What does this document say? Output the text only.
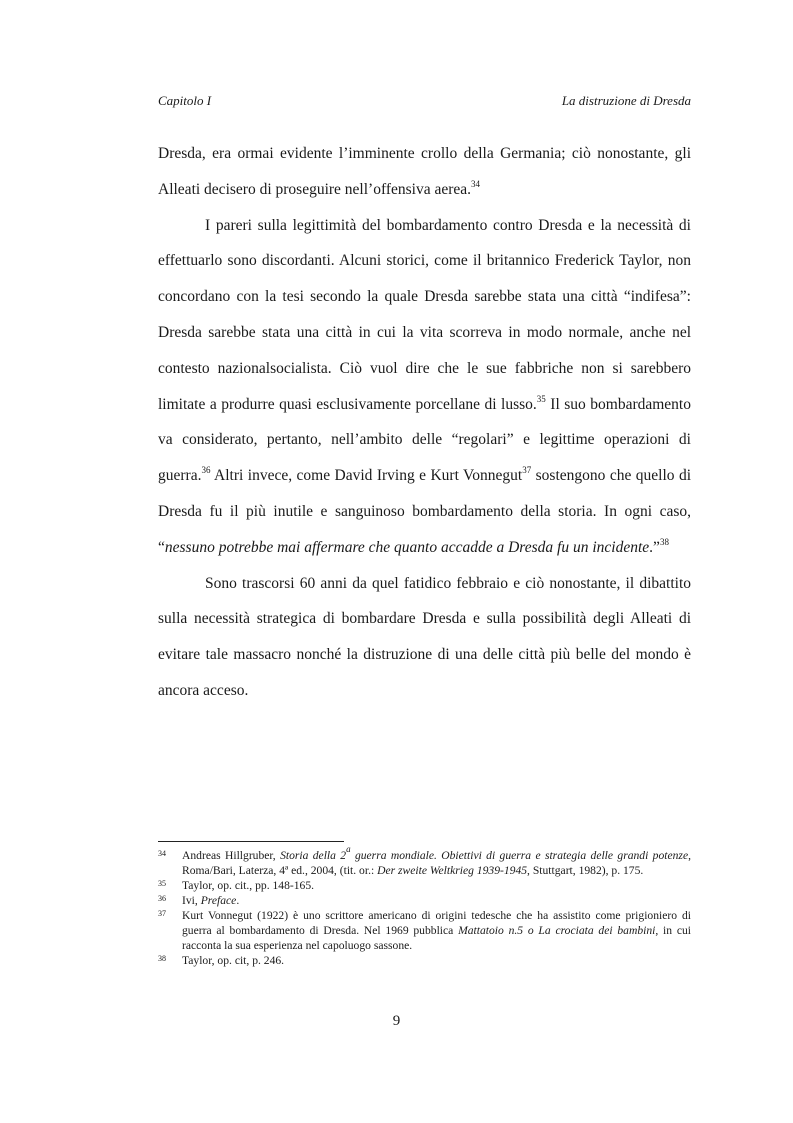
Capitolo I	La distruzione di Dresda

Dresda, era ormai evidente l’imminente crollo della Germania; ciò nonostante, gli Alleati decisero di proseguire nell’offensiva aerea.$^{34}$

I pareri sulla legittimità del bombardamento contro Dresda e la necessità di effettuarlo sono discordanti. Alcuni storici, come il britannico Frederick Taylor, non concordano con la tesi secondo la quale Dresda sarebbe stata una città “indifesa”: Dresda sarebbe stata una città in cui la vita scorreva in modo normale, anche nel contesto nazionalsocialista. Ciò vuol dire che le sue fabbriche non si sarebbero limitate a produrre quasi esclusivamente porcellane di lusso.$^{35}$ Il suo bombardamento va considerato, pertanto, nell’ambito delle “regolari” e legittime operazioni di guerra.$^{36}$ Altri invece, come David Irving e Kurt Vonnegut$^{37}$ sostengono che quello di Dresda fu il più inutile e sanguinoso bombardamento della storia. In ogni caso, “nessuno potrebbe mai affermare che quanto accadde a Dresda fu un incidente.”$^{38}$

Sono trascorsi 60 anni da quel fatidico febbraio e ciò nonostante, il dibattito sulla necessità strategica di bombardare Dresda e sulla possibilità degli Alleati di evitare tale massacro nonché la distruzione di una delle città più belle del mondo è ancora acceso.

34	Andreas Hillgruber, Storia della 2$^a$ guerra mondiale. Obiettivi di guerra e strategia delle grandi potenze, Roma/Bari, Laterza, 4ª ed., 2004, (tit. or.: Der zweite Weltkrieg 1939-1945, Stuttgart, 1982), p. 175.
35	Taylor, op. cit., pp. 148-165.
36	Ivi, Preface.
37	Kurt Vonnegut (1922) è uno scrittore americano di origini tedesche che ha assistito come prigioniero di guerra al bombardamento di Dresda. Nel 1969 pubblica Mattatoio n.5 o La crociata dei bambini, in cui racconta la sua esperienza nel capoluogo sassone.
38	Taylor, op. cit, p. 246.
9
